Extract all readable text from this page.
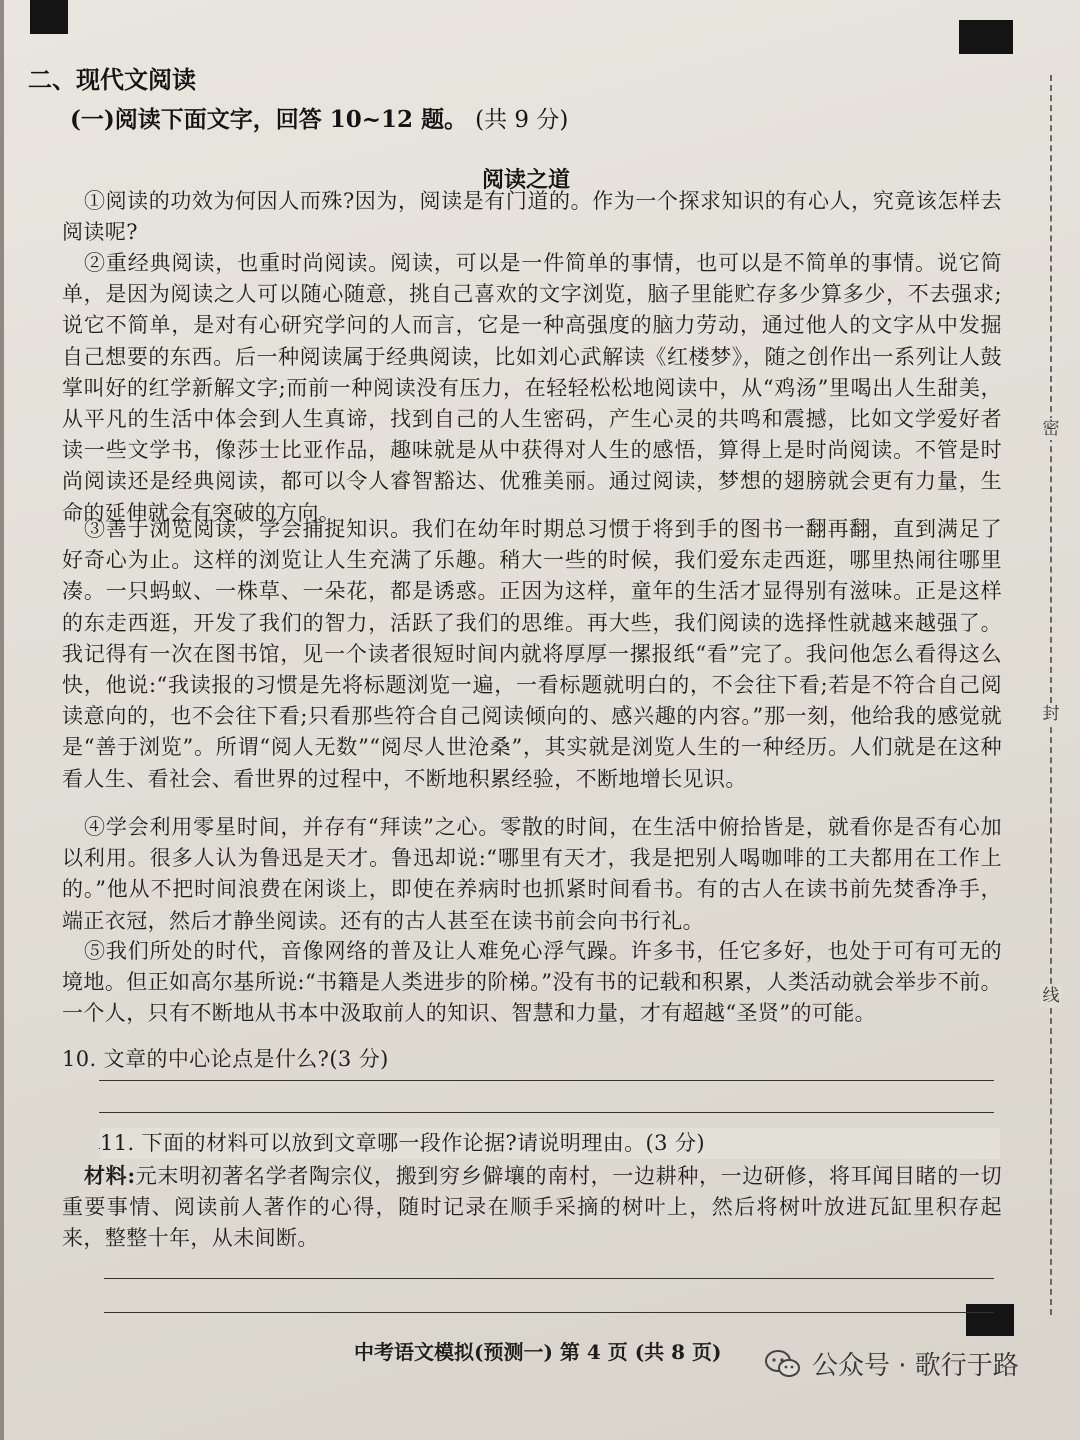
二、现代文阅读
(一)阅读下面文字，回答 10~12 题。 (共 9 分)
阅读之道
①阅读的功效为何因人而殊?因为，阅读是有门道的。作为一个探求知识的有心人，究竟该怎样去阅读呢?
②重经典阅读，也重时尚阅读。阅读，可以是一件简单的事情，也可以是不简单的事情。说它简单，是因为阅读之人可以随心随意，挑自己喜欢的文字浏览，脑子里能贮存多少算多少，不去强求;说它不简单，是对有心研究学问的人而言，它是一种高强度的脑力劳动，通过他人的文字从中发掘自己想要的东西。后一种阅读属于经典阅读，比如刘心武解读《红楼梦》，随之创作出一系列让人鼓掌叫好的红学新解文字;而前一种阅读没有压力，在轻轻松松地阅读中，从“鸡汤”里喝出人生甜美，从平凡的生活中体会到人生真谛，找到自己的人生密码，产生心灵的共鸣和震撼，比如文学爱好者读一些文学书，像莎士比亚作品，趣味就是从中获得对人生的感悟，算得上是时尚阅读。不管是时尚阅读还是经典阅读，都可以令人睿智豁达、优雅美丽。通过阅读，梦想的翅膀就会更有力量，生命的延伸就会有突破的方向。
③善于浏览阅读，学会捕捉知识。我们在幼年时期总习惯于将到手的图书一翻再翻，直到满足了好奇心为止。这样的浏览让人生充满了乐趣。稍大一些的时候，我们爱东走西逛，哪里热闹往哪里凑。一只蚂蚁、一株草、一朵花，都是诱惑。正因为这样，童年的生活才显得别有滋味。正是这样的东走西逛，开发了我们的智力，活跃了我们的思维。再大些，我们阅读的选择性就越来越强了。我记得有一次在图书馆，见一个读者很短时间内就将厚厚一摞报纸“看”完了。我问他怎么看得这么快，他说:“我读报的习惯是先将标题浏览一遍，一看标题就明白的，不会往下看;若是不符合自己阅读意向的，也不会往下看;只看那些符合自己阅读倾向的、感兴趣的内容。”那一刻，他给我的感觉就是“善于浏览”。所谓“阅人无数”“阅尽人世沧桑”，其实就是浏览人生的一种经历。人们就是在这种看人生、看社会、看世界的过程中，不断地积累经验，不断地增长见识。
④学会利用零星时间，并存有“拜读”之心。零散的时间，在生活中俯拾皆是，就看你是否有心加以利用。很多人认为鲁迅是天才。鲁迅却说:“哪里有天才，我是把别人喝咖啡的工夫都用在工作上的。”他从不把时间浪费在闲谈上，即使在养病时也抓紧时间看书。有的古人在读书前先焚香净手，端正衣冠，然后才静坐阅读。还有的古人甚至在读书前会向书行礼。
⑤我们所处的时代，音像网络的普及让人难免心浮气躁。许多书，任它多好，也处于可有可无的境地。但正如高尔基所说:“书籍是人类进步的阶梯。”没有书的记载和积累，人类活动就会举步不前。一个人，只有不断地从书本中汲取前人的知识、智慧和力量，才有超越“圣贤”的可能。
10. 文章的中心论点是什么?(3 分)
11. 下面的材料可以放到文章哪一段作论据?请说明理由。(3 分)
材料:元末明初著名学者陶宗仪，搬到穷乡僻壤的南村，一边耕种，一边研修，将耳闻目睹的一切重要事情、阅读前人著作的心得，随时记录在顺手采摘的树叶上，然后将树叶放进瓦缸里积存起来，整整十年，从未间断。
密
封
线
中考语文模拟(预测一) 第 4 页 (共 8 页)	公众号 · 歌行于路
